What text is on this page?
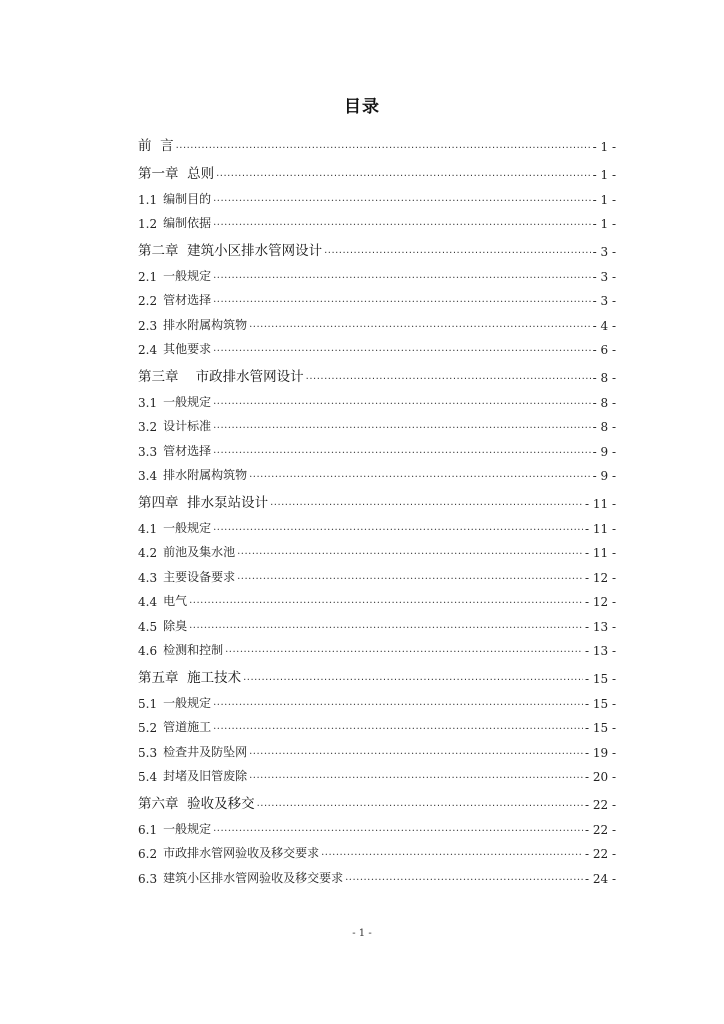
目录
前  言 .....	- 1 -
第一章  总则 .....	- 1 -
1.1 编制目的 .....	- 1 -
1.2 编制依据 .....	- 1 -
第二章  建筑小区排水管网设计 .....	- 3 -
2.1 一般规定 .....	- 3 -
2.2 管材选择 .....	- 3 -
2.3 排水附属构筑物 .....	- 4 -
2.4 其他要求 .....	- 6 -
第三章    市政排水管网设计 .....	- 8 -
3.1 一般规定 .....	- 8 -
3.2 设计标准 .....	- 8 -
3.3 管材选择 .....	- 9 -
3.4 排水附属构筑物 .....	- 9 -
第四章  排水泵站设计 .....	- 11 -
4.1 一般规定 .....	- 11 -
4.2 前池及集水池 .....	- 11 -
4.3 主要设备要求 .....	- 12 -
4.4 电气 .....	- 12 -
4.5 除臭 .....	- 13 -
4.6 检测和控制 .....	- 13 -
第五章  施工技术 .....	- 15 -
5.1 一般规定 .....	- 15 -
5.2 管道施工 .....	- 15 -
5.3 检查井及防坠网 .....	- 19 -
5.4 封堵及旧管废除 .....	- 20 -
第六章  验收及移交 .....	- 22 -
6.1 一般规定 .....	- 22 -
6.2 市政排水管网验收及移交要求 .....	- 22 -
6.3 建筑小区排水管网验收及移交要求 .....	- 24 -
- 1 -
